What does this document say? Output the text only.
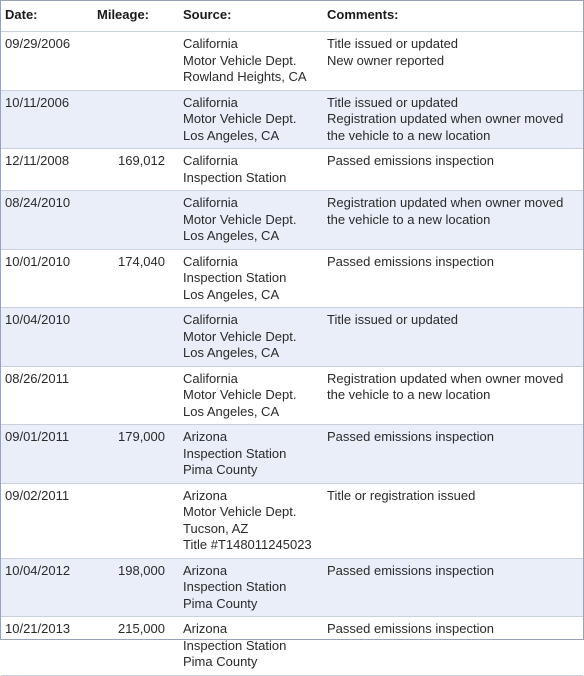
Date:	Mileage:	Source:	Comments:
09/29/2006		California
Motor Vehicle Dept.
Rowland Heights, CA	Title issued or updated
New owner reported

10/11/2006		California
Motor Vehicle Dept.
Los Angeles, CA	Title issued or updated
Registration updated when owner moved
the vehicle to a new location

12/11/2008	169,012	California
Inspection Station	Passed emissions inspection

08/24/2010		California
Motor Vehicle Dept.
Los Angeles, CA	Registration updated when owner moved
the vehicle to a new location

10/01/2010	174,040	California
Inspection Station
Los Angeles, CA	Passed emissions inspection

10/04/2010		California
Motor Vehicle Dept.
Los Angeles, CA	Title issued or updated

08/26/2011		California
Motor Vehicle Dept.
Los Angeles, CA	Registration updated when owner moved
the vehicle to a new location

09/01/2011	179,000	Arizona
Inspection Station
Pima County	Passed emissions inspection

09/02/2011		Arizona
Motor Vehicle Dept.
Tucson, AZ
Title #T148011245023	Title or registration issued

10/04/2012	198,000	Arizona
Inspection Station
Pima County	Passed emissions inspection

10/21/2013	215,000	Arizona
Inspection Station
Pima County	Passed emissions inspection
